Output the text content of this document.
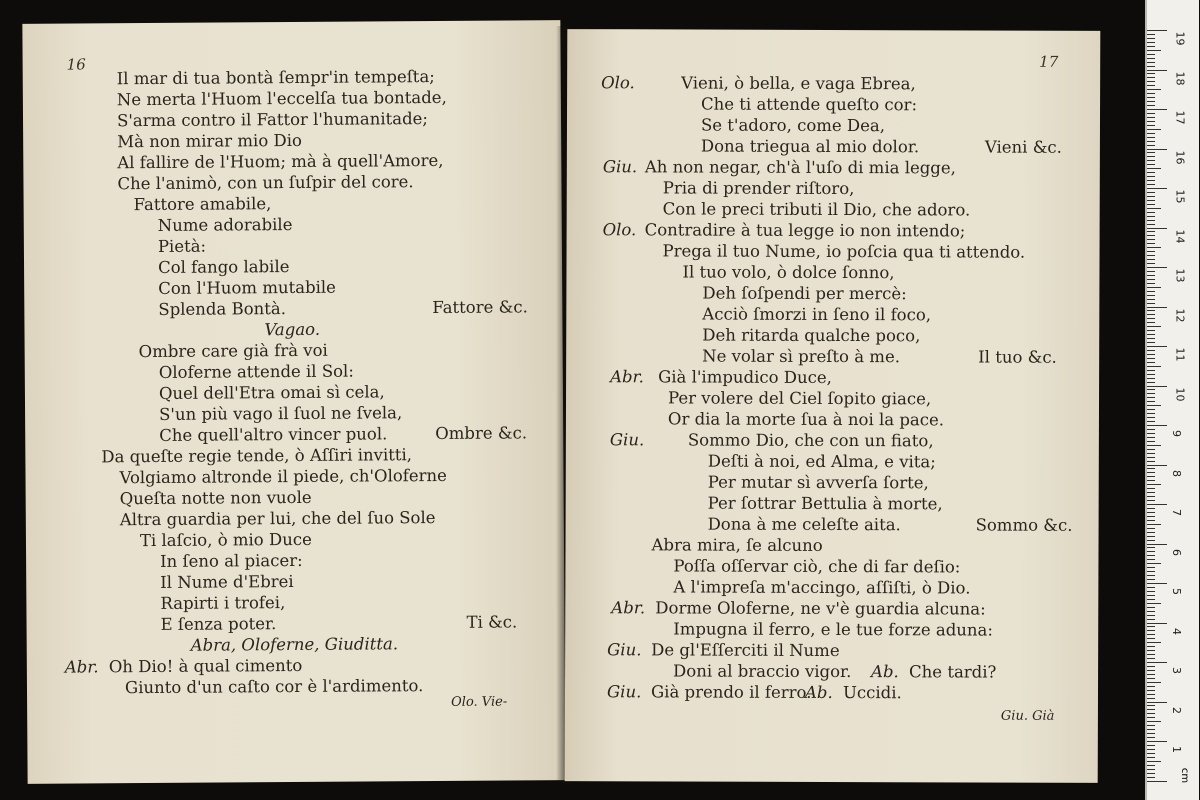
16
Il mar di tua bontà ſempr'in tempeſta;
Ne merta l'Huom l'eccelſa tua bontade,
S'arma contro il Fattor l'humanitade;
Mà non mirar mio Dio
Al fallire de l'Huom; mà à quell'Amore,
Che l'animò, con un ſuſpir del core.
Fattore amabile,
Nume adorabile
Pietà:
Col fango labile
Con l'Huom mutabile
Splenda Bontà.	Fattore &c.
Vagao.
Ombre care già frà voi
Oloferne attende il Sol:
Quel dell'Etra omai sì cela,
S'un più vago il ſuol ne ſvela,
Che quell'altro vincer puol.	Ombre &c.
Da queſte regie tende, ò Aſſiri invitti,
Volgiamo altronde il piede, ch'Oloferne
Queſta notte non vuole
Altra guardia per lui, che del ſuo Sole
Ti laſcio, ò mio Duce
In ſeno al piacer:
Il Nume d'Ebrei
Rapirti i trofei,
E ſenza poter.	Ti &c.
Abra, Oloferne, Giuditta.
Abr. Oh Dio! à qual cimento
Giunto d'un caſto cor è l'ardimento.
Olo. Vie-
17
Olo.	Vieni, ò bella, e vaga Ebrea,
Che ti attende queſto cor:
Se t'adoro, come Dea,
Dona triegua al mio dolor.	Vieni &c.
Giu. Ah non negar, ch'à l'uſo di mia legge,
Pria di prender riſtoro,
Con le preci tributi il Dio, che adoro.
Olo. Contradire à tua legge io non intendo;
Prega il tuo Nume, io poſcia qua ti attendo.
Il tuo volo, ò dolce ſonno,
Deh ſoſpendi per mercè:
Acciò ſmorzi in ſeno il foco,
Deh ritarda qualche poco,
Ne volar sì preſto à me.	Il tuo &c.
Abr. Già l'impudico Duce,
Per volere del Ciel ſopito giace,
Or dia la morte ſua à noi la pace.
Giu.	Sommo Dio, che con un fiato,
Deſti à noi, ed Alma, e vita;
Per mutar sì avverſa ſorte,
Per ſottrar Bettulia à morte,
Dona à me celeſte aita.	Sommo &c.
Abra mira, ſe alcuno
Poſſa oſſervar ciò, che di far deſio:
A l'impreſa m'accingo, aſſiſti, ò Dio.
Abr. Dorme Oloferne, ne v'è guardia alcuna:
Impugna il ferro, e le tue forze aduna:
Giu. De gl'Eſſerciti il Nume
Doni al braccio vigor. Ab. Che tardi?
Giu. Già prendo il ferro.
Ab. Uccidi.
Giu. Già
19
18
17
16
15
14
13
12
11
10
9
8
7
6
5
4
3
2
1
cm
